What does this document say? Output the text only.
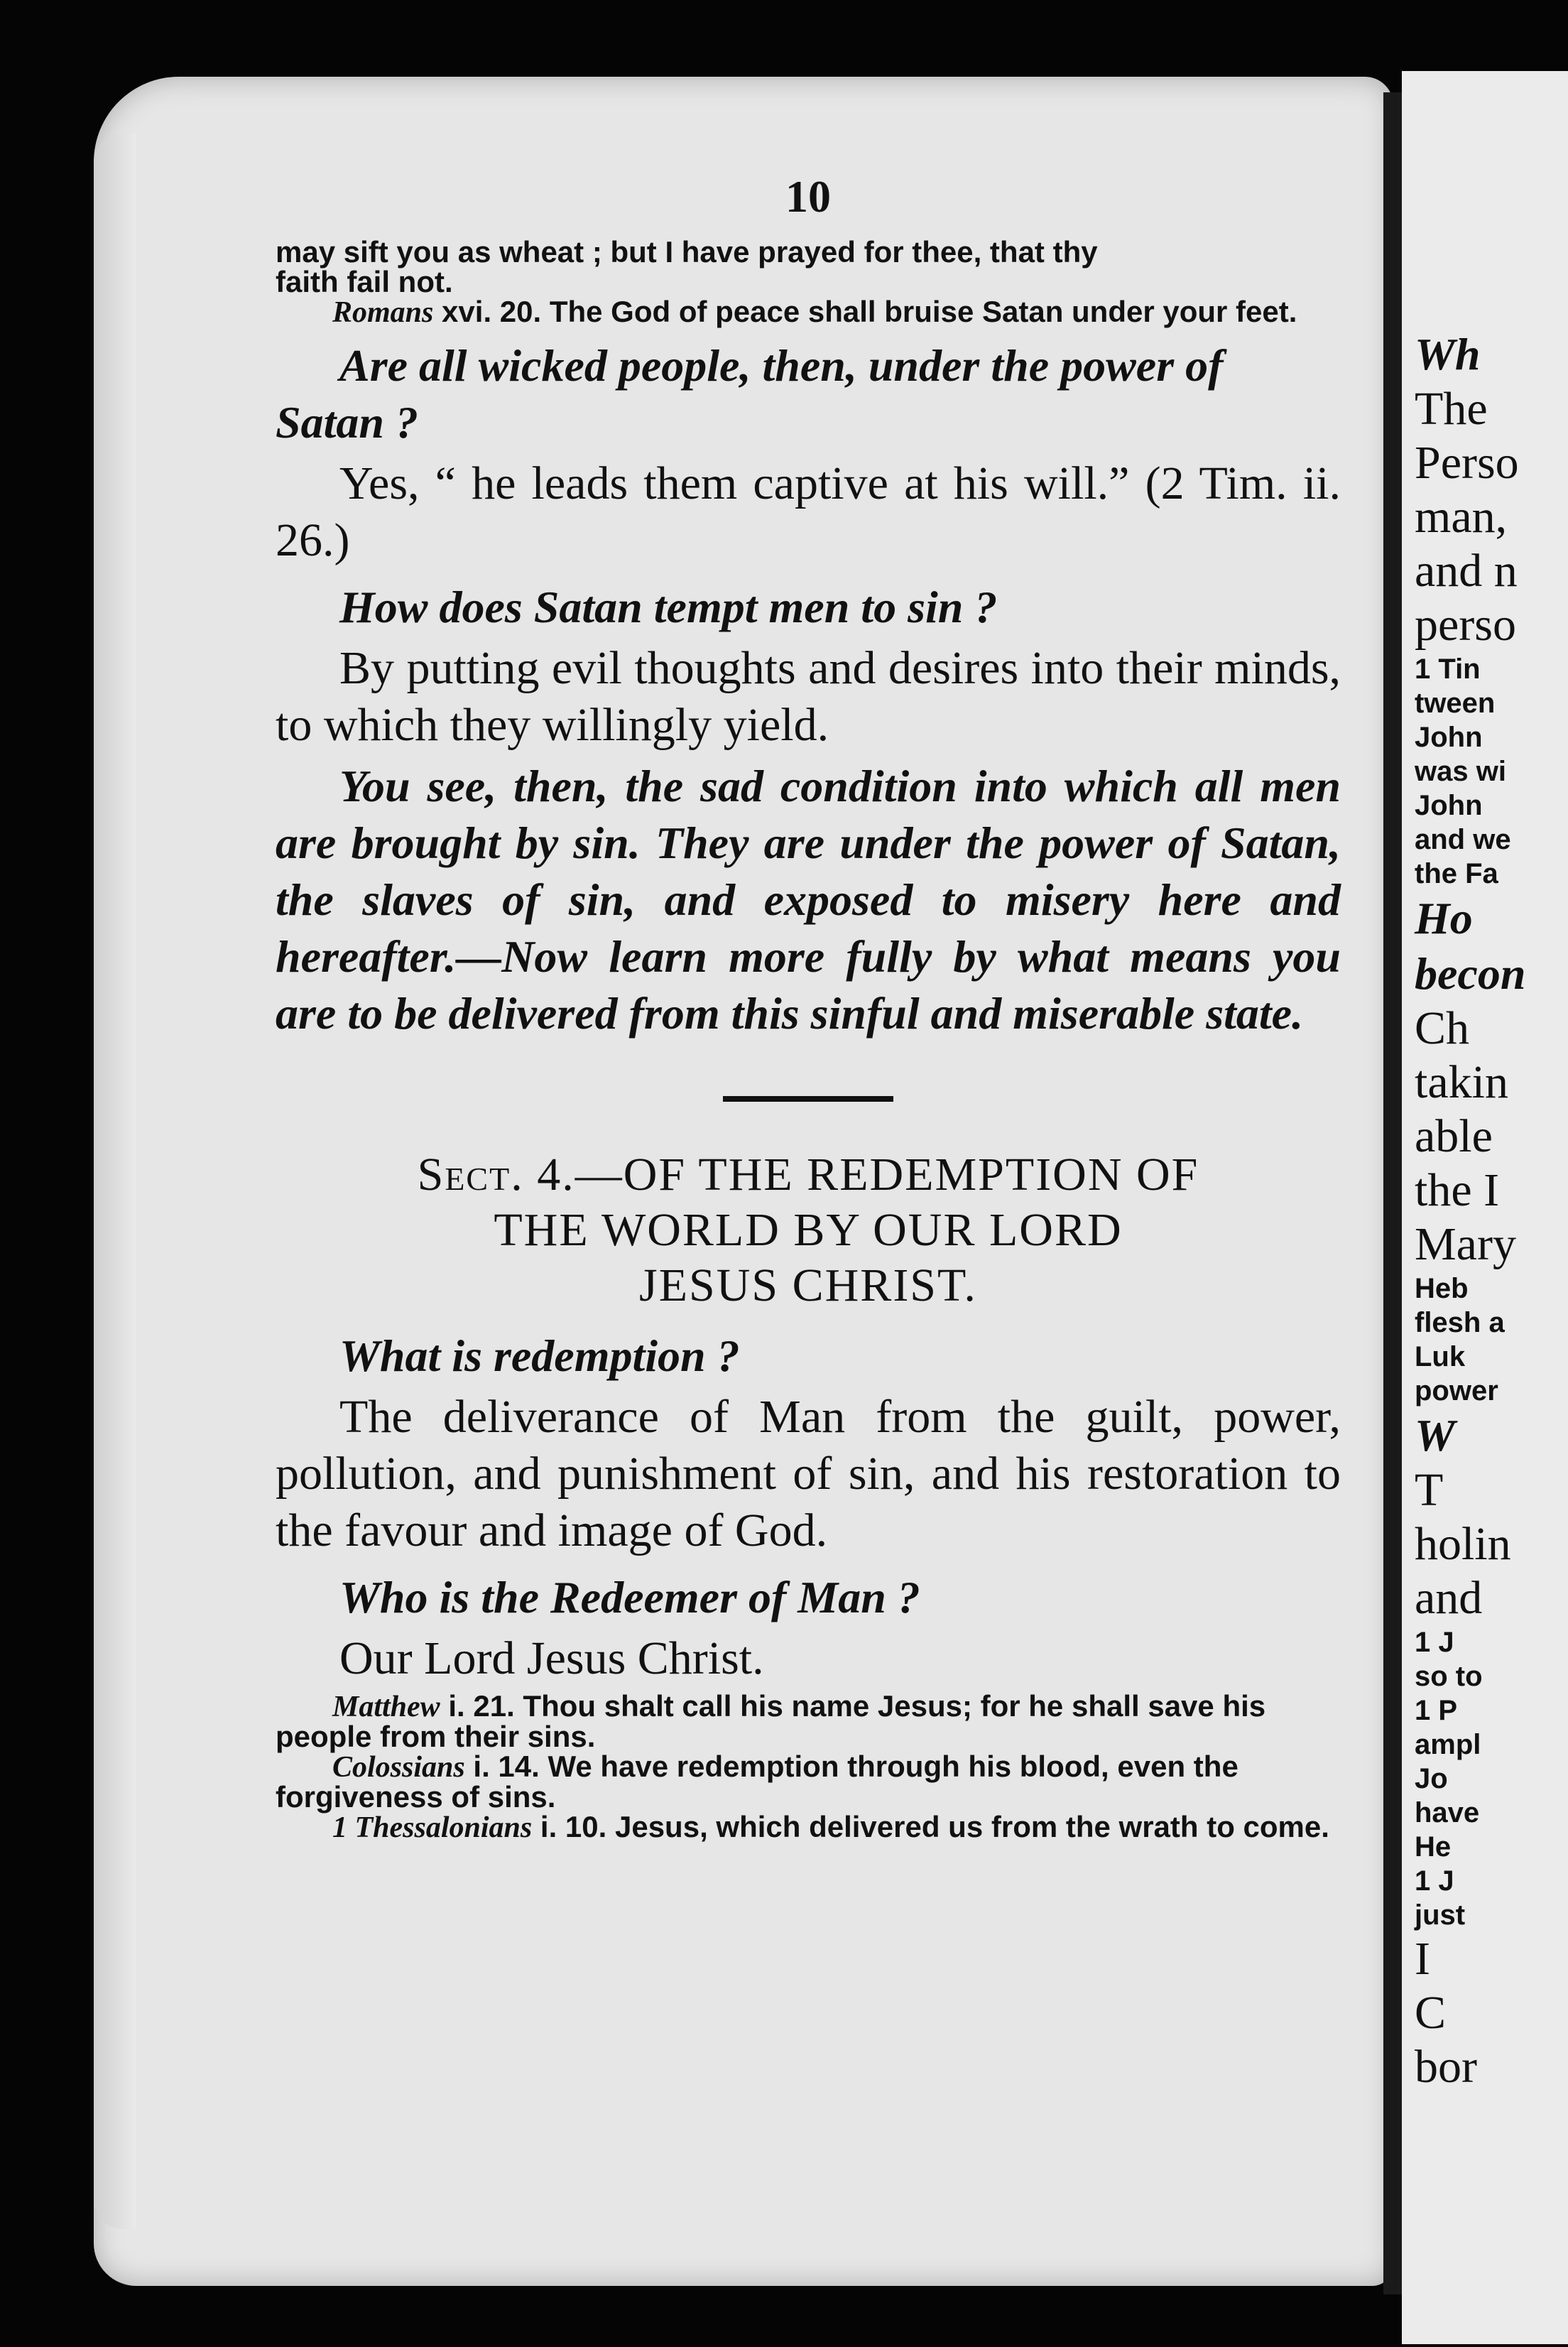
Wh

The

Perso

man,

and n

perso

1 Tin

tween

John

was wi

John

and we

the Fa

Ho

becon

Ch

takin

able

the I

Mary

Heb

flesh a

Luk

power

W

T

holin

and

1 J

so to

1 P

ampl

Jo

have

He

1 J

just

I

C

bor

10

may sift you as wheat ; but I have prayed for thee, that thy
faith fail not.

Romans xvi. 20. The God of peace shall bruise Satan under your feet.

Are all wicked people, then, under the power of Satan ?

Yes, “ he leads them captive at his will.” (2 Tim. ii. 26.)

How does Satan tempt men to sin ?

By putting evil thoughts and desires into their minds, to which they willingly yield.

You see, then, the sad condition into which all men are brought by sin. They are under the power of Satan, the slaves of sin, and exposed to misery here and hereafter.—Now learn more fully by what means you are to be delivered from this sinful and miserable state.

Sect. 4.—OF THE REDEMPTION OF
THE WORLD BY OUR LORD
JESUS CHRIST.

What is redemption ?

The deliverance of Man from the guilt, power, pollution, and punishment of sin, and his restoration to the favour and image of God.

Who is the Redeemer of Man ?

Our Lord Jesus Christ.

Matthew i. 21. Thou shalt call his name Jesus; for he shall save his people from their sins.

Colossians i. 14. We have redemption through his blood, even the forgiveness of sins.

1 Thessalonians i. 10. Jesus, which delivered us from the wrath to come.
